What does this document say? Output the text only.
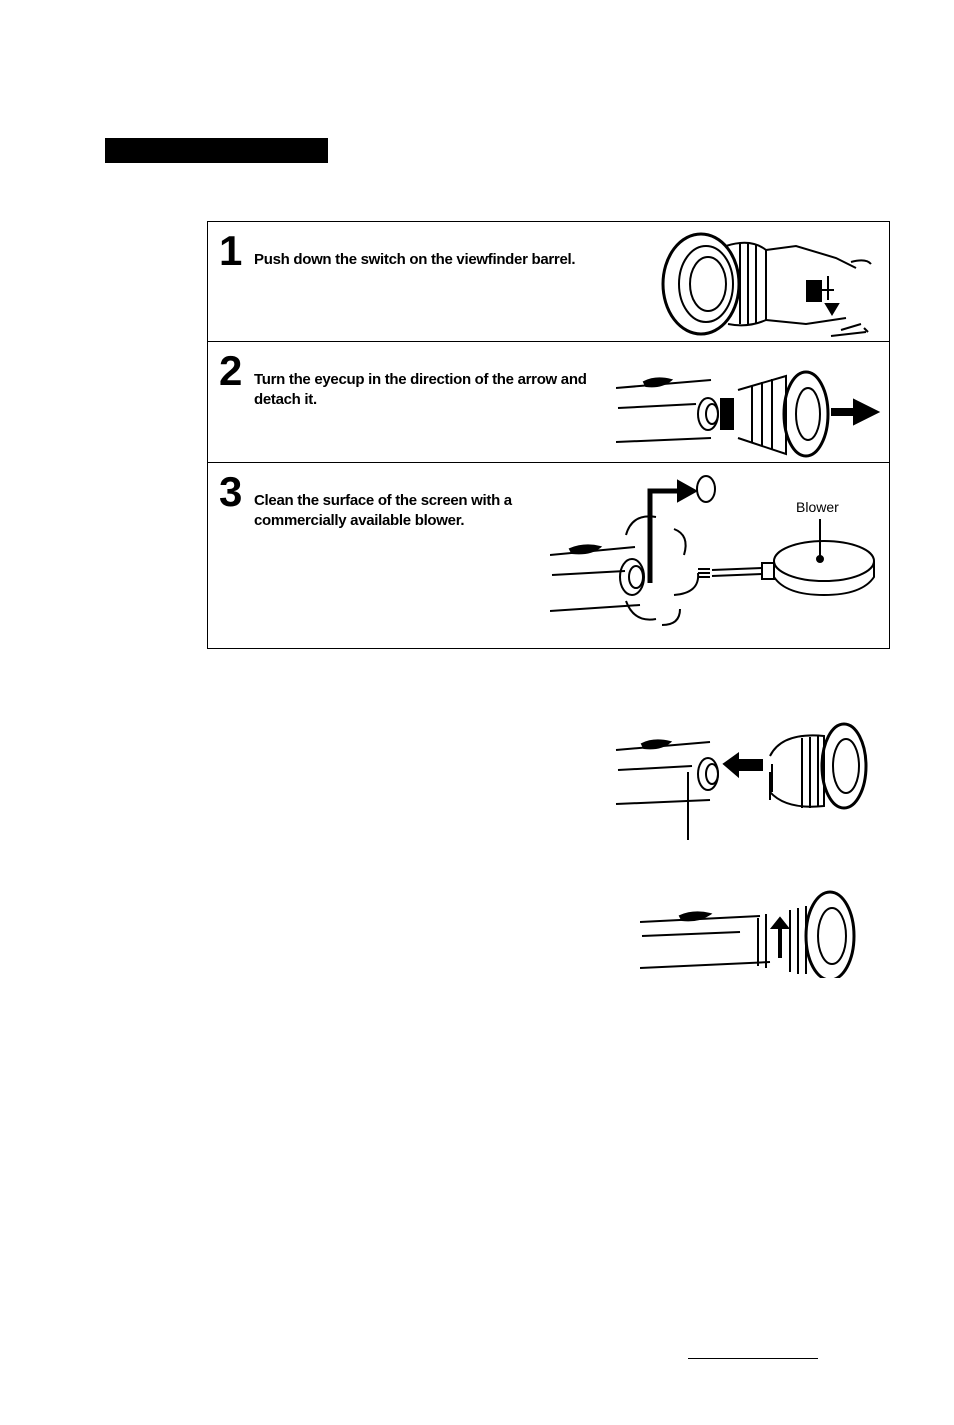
1 Push down the switch on the viewfinder barrel.
2 Turn the eyecup in the direction of the arrow and detach it.
3 Clean the surface of the screen with a commercially available blower.
Blower
